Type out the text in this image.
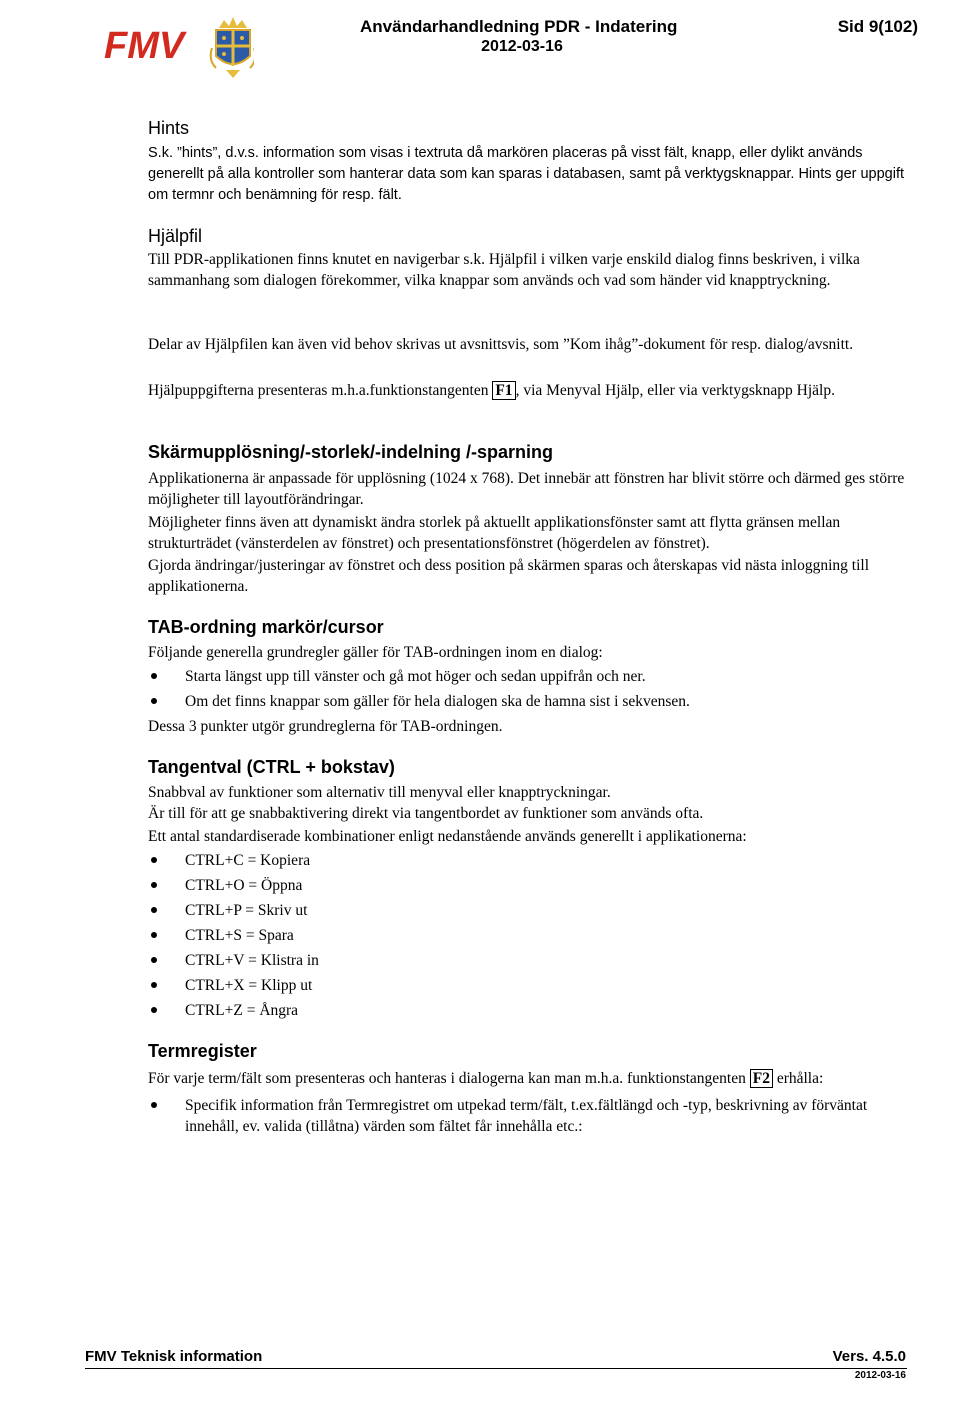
FMV	Användarhandledning PDR - Indatering	Sid 9(102)
2012-03-16
Hints

S.k. ”hints”, d.v.s. information som visas i textruta då markören placeras på visst fält, knapp, eller dylikt används generellt på alla kontroller som hanterar data som kan sparas i databasen, samt på verktygsknappar. Hints ger uppgift om termnr och benämning för resp. fält.

Hjälpfil

Till PDR-applikationen finns knutet en navigerbar s.k. Hjälpfil i vilken varje enskild dialog finns beskriven, i vilka sammanhang som dialogen förekommer, vilka knappar som används och vad som händer vid knapptryckning.

Delar av Hjälpfilen kan även vid behov skrivas ut avsnittsvis, som ”Kom ihåg”-dokument för resp. dialog/avsnitt.

Hjälpuppgifterna presenteras m.h.a.funktionstangenten F1 , via Menyval Hjälp, eller via verktygsknapp Hjälp.

Skärmupplösning/-storlek/-indelning /-sparning

Applikationerna är anpassade för upplösning (1024 x 768). Det innebär att fönstren har blivit större och därmed ges större möjligheter till layoutförändringar.

Möjligheter finns även att dynamiskt ändra storlek på aktuellt applikationsfönster samt att flytta gränsen mellan strukturträdet (vänsterdelen av fönstret) och presentationsfönstret (högerdelen av fönstret).

Gjorda ändringar/justeringar av fönstret och dess position på skärmen sparas och återskapas vid nästa inloggning till applikationerna.

TAB-ordning markör/cursor

Följande generella grundregler gäller för TAB-ordningen inom en dialog:

Starta längst upp till vänster och gå mot höger och sedan uppifrån och ner.
Om det finns knappar som gäller för hela dialogen ska de hamna sist i sekvensen.

Dessa 3 punkter utgör grundreglerna för TAB-ordningen.

Tangentval (CTRL + bokstav)

Snabbval av funktioner som alternativ till menyval eller knapptryckningar.

Är till för att ge snabbaktivering direkt via tangentbordet av funktioner som används ofta.

Ett antal standardiserade kombinationer enligt nedanstående används generellt i applikationerna:

CTRL+C = Kopiera
CTRL+O = Öppna
CTRL+P = Skriv ut
CTRL+S = Spara
CTRL+V = Klistra in
CTRL+X = Klipp ut
CTRL+Z = Ångra
Termregister

För varje term/fält som presenteras och hanteras i dialogerna kan man m.h.a. funktionstangenten F2 erhålla:

Specifik information från Termregistret om utpekad term/fält, t.ex.fältlängd och -typ, beskrivning av förväntat innehåll, ev. valida (tillåtna) värden som fältet får innehålla etc.:
FMV Teknisk information	Vers. 4.5.0
2012-03-16
